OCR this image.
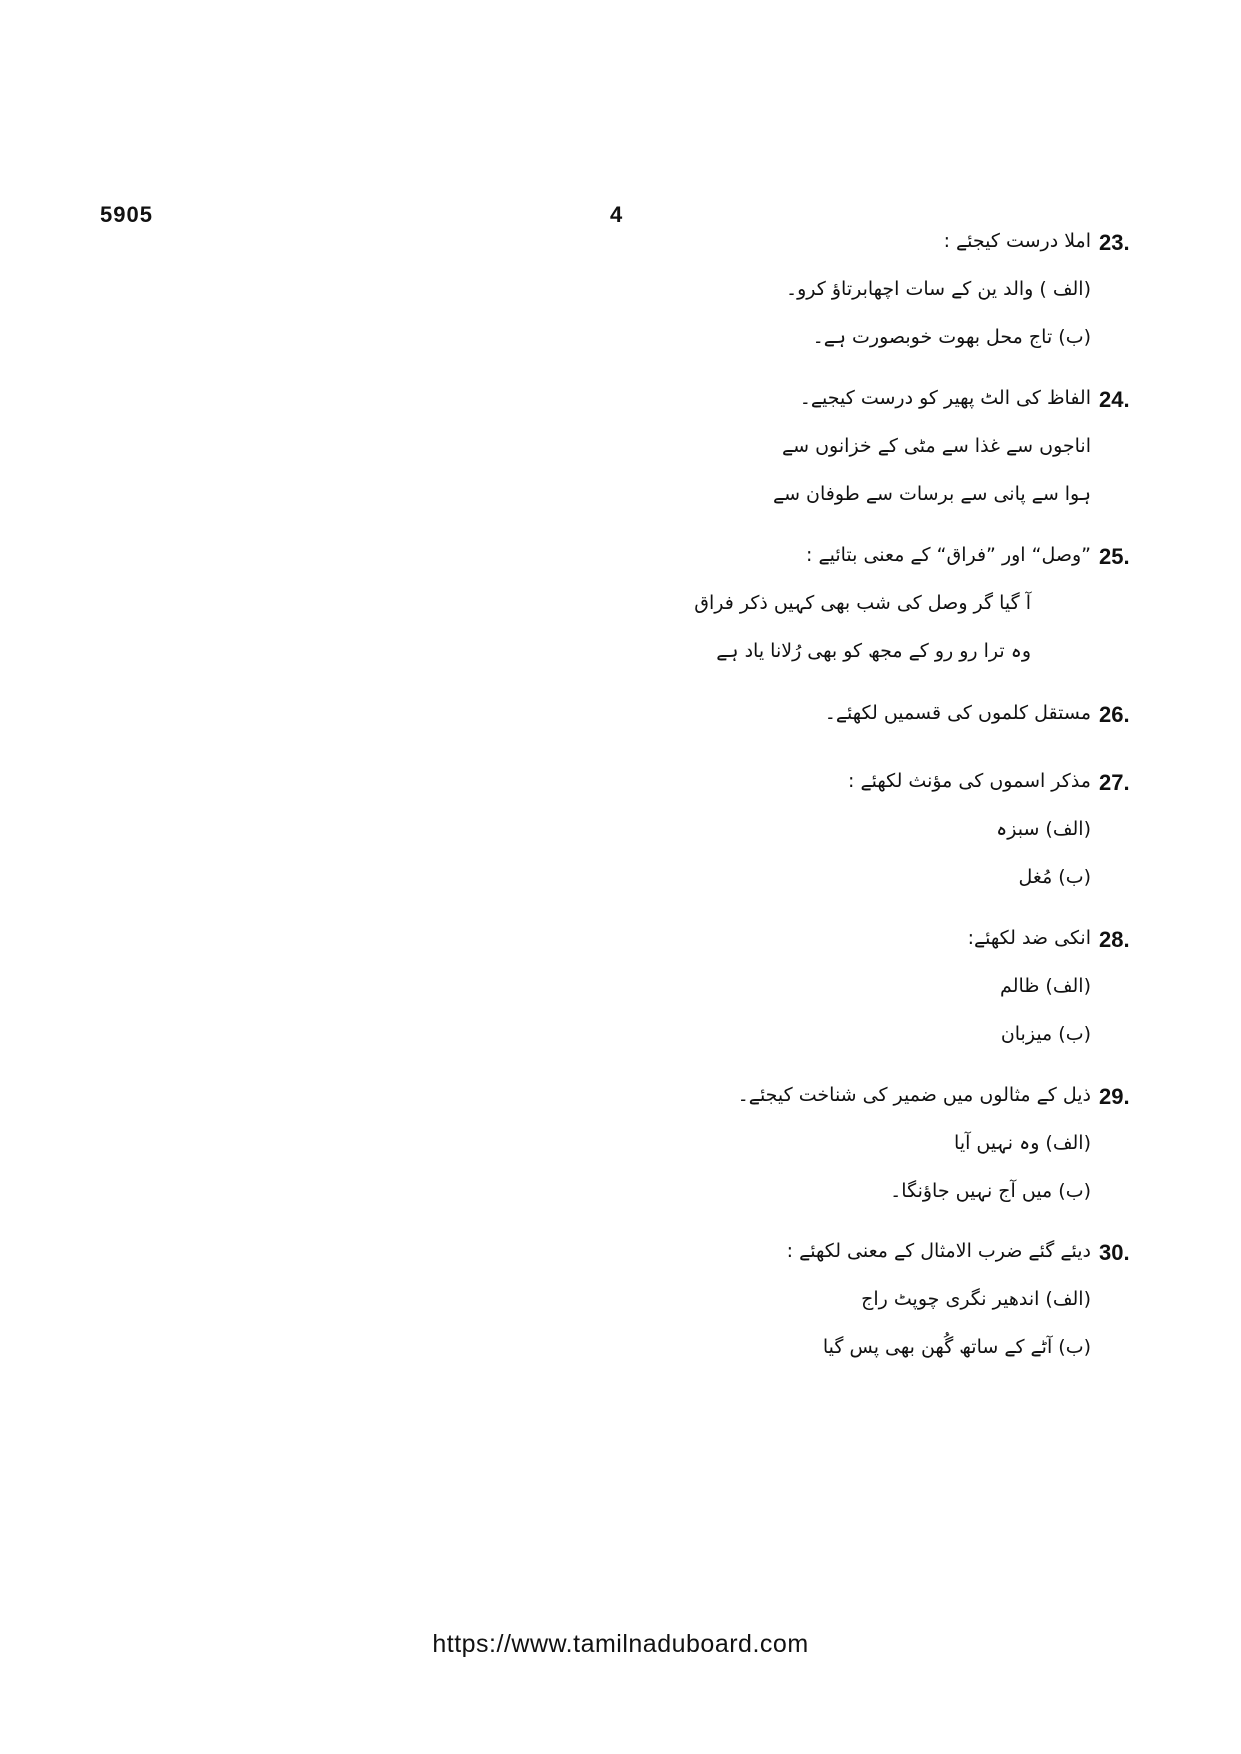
5905	4
23.
املا درست کیجئے :
(الف ) والد ین کے سات اچھابرتاؤ کرو۔
(ب) تاج محل بھوت خوبصورت ہے۔
24.
الفاظ کی الٹ پھیر کو درست کیجیے۔
اناجوں سے غذا سے مٹی کے خزانوں سے
ہوا سے پانی سے برسات سے طوفان سے
25.
”وصل“ اور ”فراق“ کے معنی بتائیے :
آ گیا گر وصل کی شب بھی کہیں ذکر فراق
وہ ترا رو رو کے مجھ کو بھی رُلانا یاد ہے
26.
مستقل کلموں کی قسمیں لکھئے۔
27.
مذکر اسموں کی مؤنث لکھئے :
(الف) سبزہ
(ب) مُغل
28.
انکی ضد لکھئے:
(الف) ظالم
(ب) میزبان
29.
ذیل کے مثالوں میں ضمیر کی شناخت کیجئے۔
(الف) وہ نہیں آیا
(ب) میں آج نہیں جاؤنگا۔
30.
دیئے گئے ضرب الامثال کے معنی لکھئے :
(الف) اندھیر نگری چوپٹ راج
(ب) آٹے کے ساتھ گُھن بھی پس گیا
https://www.tamilnaduboard.com
